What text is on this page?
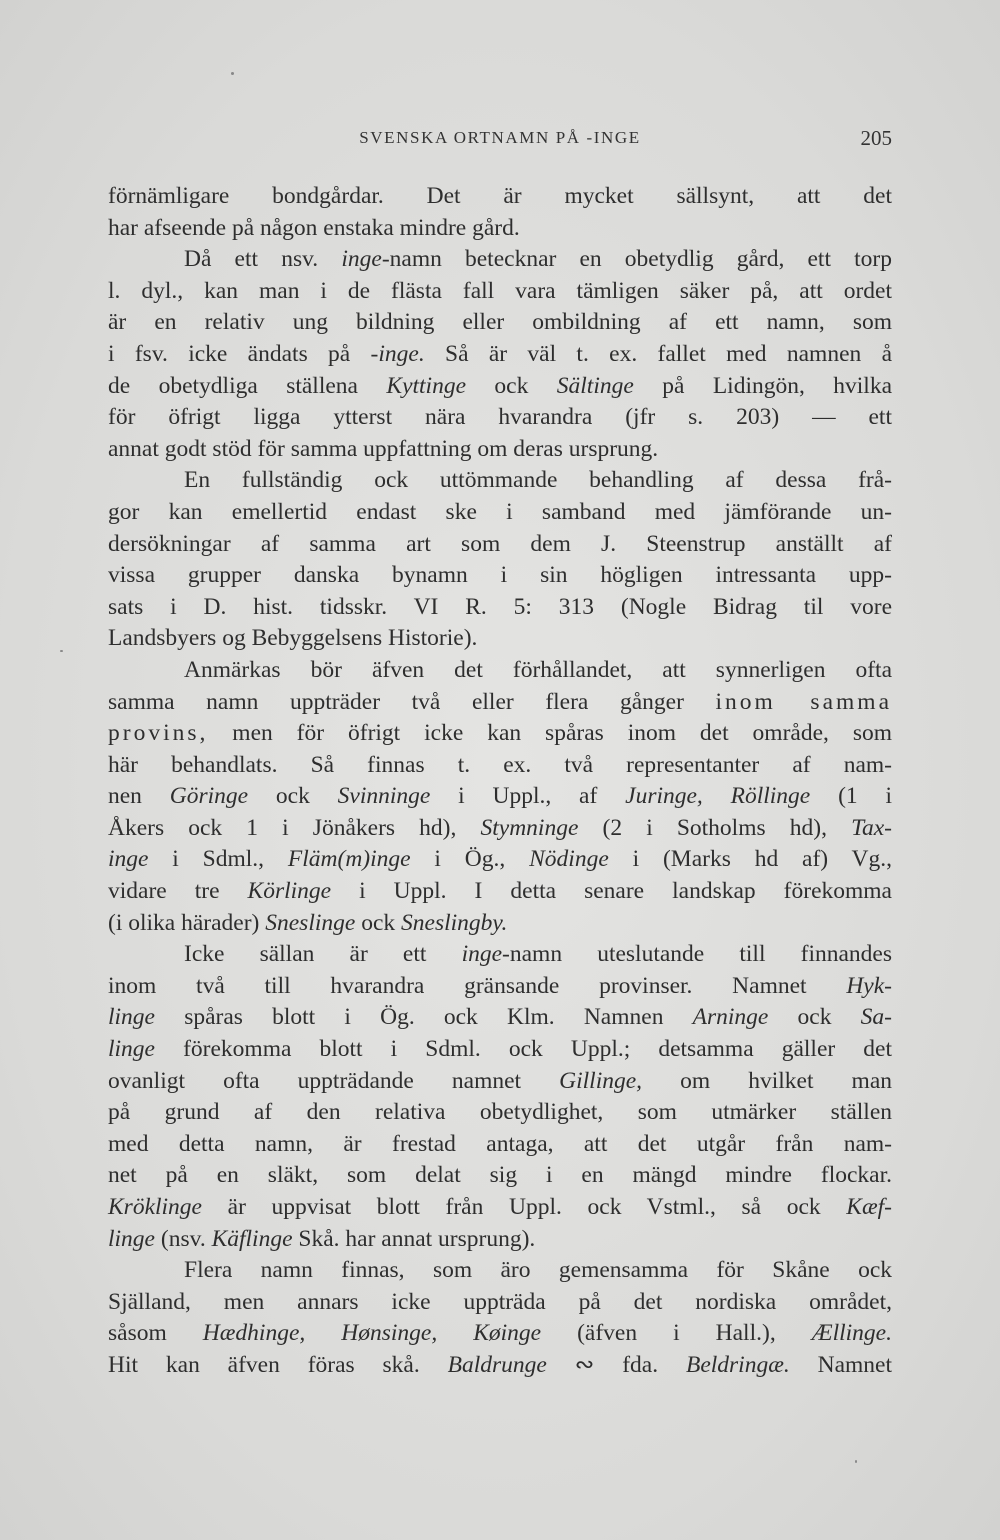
SVENSKA ORTNAMN PÅ -INGE	205
förnämligare bondgårdar. Det är mycket sällsynt, att det
har afseende på någon enstaka mindre gård.
Då ett nsv. inge-namn betecknar en obetydlig gård, ett torp
l. dyl., kan man i de flästa fall vara tämligen säker på, att ordet
är en relativ ung bildning eller ombildning af ett namn, som
i fsv. icke ändats på -inge. Så är väl t. ex. fallet med namnen å
de obetydliga ställena Kyttinge ock Sältinge på Lidingön, hvilka
för öfrigt ligga ytterst nära hvarandra (jfr s. 203) — ett
annat godt stöd för samma uppfattning om deras ursprung.
En fullständig ock uttömmande behandling af dessa frå-
gor kan emellertid endast ske i samband med jämförande un-
dersökningar af samma art som dem J. Steenstrup anställt af
vissa grupper danska bynamn i sin högligen intressanta upp-
sats i D. hist. tidsskr. VI R. 5: 313 (Nogle Bidrag til vore
Landsbyers og Bebyggelsens Historie).
Anmärkas bör äfven det förhållandet, att synnerligen ofta
samma namn uppträder två eller flera gånger inom samma
provins, men för öfrigt icke kan spåras inom det område, som
här behandlats. Så finnas t. ex. två representanter af nam-
nen Göringe ock Svinninge i Uppl., af Juringe, Röllinge (1 i
Åkers ock 1 i Jönåkers hd), Stymninge (2 i Sotholms hd), Tax-
inge i Sdml., Fläm(m)inge i Ög., Nödinge i (Marks hd af) Vg.,
vidare tre Körlinge i Uppl. I detta senare landskap förekomma
(i olika härader) Sneslinge ock Sneslingby.
Icke sällan är ett inge-namn uteslutande till finnandes
inom två till hvarandra gränsande provinser. Namnet Hyk-
linge spåras blott i Ög. ock Klm. Namnen Arninge ock Sa-
linge förekomma blott i Sdml. ock Uppl.; detsamma gäller det
ovanligt ofta uppträdande namnet Gillinge, om hvilket man
på grund af den relativa obetydlighet, som utmärker ställen
med detta namn, är frestad antaga, att det utgår från nam-
net på en släkt, som delat sig i en mängd mindre flockar.
Kröklinge är uppvisat blott från Uppl. ock Vstml., så ock Kæf-
linge (nsv. Käflinge Skå. har annat ursprung).
Flera namn finnas, som äro gemensamma för Skåne ock
Själland, men annars icke uppträda på det nordiska området,
såsom Hædhinge, Hønsinge, Køinge (äfven i Hall.), Ællinge.
Hit kan äfven föras skå. Baldrunge ∾ fda. Beldringæ. Namnet
